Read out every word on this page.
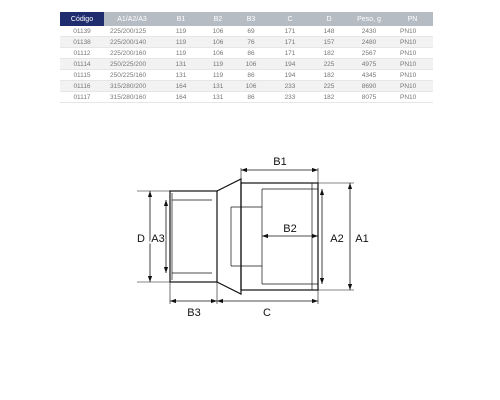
Código	A1/A2/A3	B1	B2	B3	C	D	Peso, g	PN
01139	225/200/125	119	106	69	171	148	2430	PN10
01138	225/200/140	119	106	76	171	157	2480	PN10
01112	225/200/160	119	106	86	171	182	2567	PN10
01114	250/225/200	131	119	106	194	225	4975	PN10
01115	250/225/160	131	119	86	194	182	4345	PN10
01116	315/280/200	164	131	106	233	225	8690	PN10
01117	315/280/160	164	131	86	233	182	8075	PN10
B1
B2
B3	C
D A3	A2 A1
